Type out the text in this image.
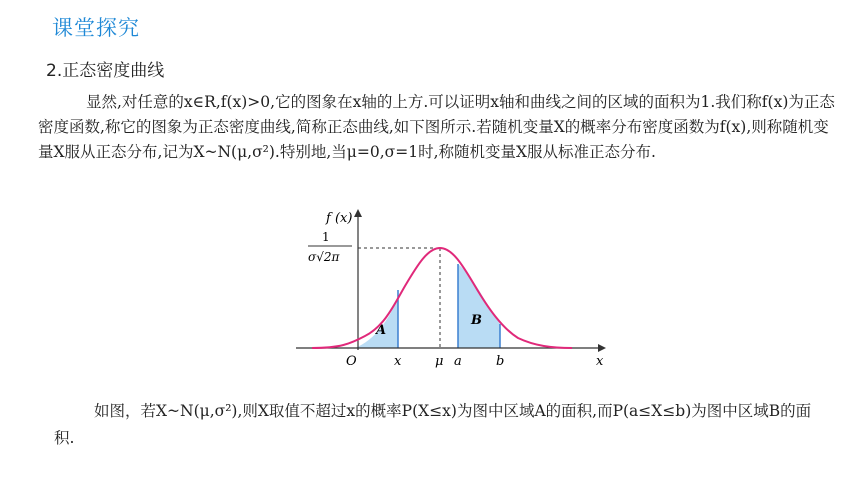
课堂探究
2.正态密度曲线
显然,对任意的x∈R,f(x)>0,它的图象在x轴的上方.可以证明x轴和曲线之间的区域的面积为1.我们称f(x)为正态密度函数,称它的图象为正态密度曲线,简称正态曲线,如下图所示.若随机变量X的概率分布密度函数为f(x),则称随机变量X服从正态分布,记为X~N(μ,σ²).特别地,当μ=0,σ=1时,称随机变量X服从标准正态分布.
f (x)
1
σ√2π
O	x	μ a	b	x
A
B
如图，若X~N(μ,σ²),则X取值不超过x的概率P(X≤x)为图中区域A的面积,而P(a≤X≤b)为图中区域B的面积.
